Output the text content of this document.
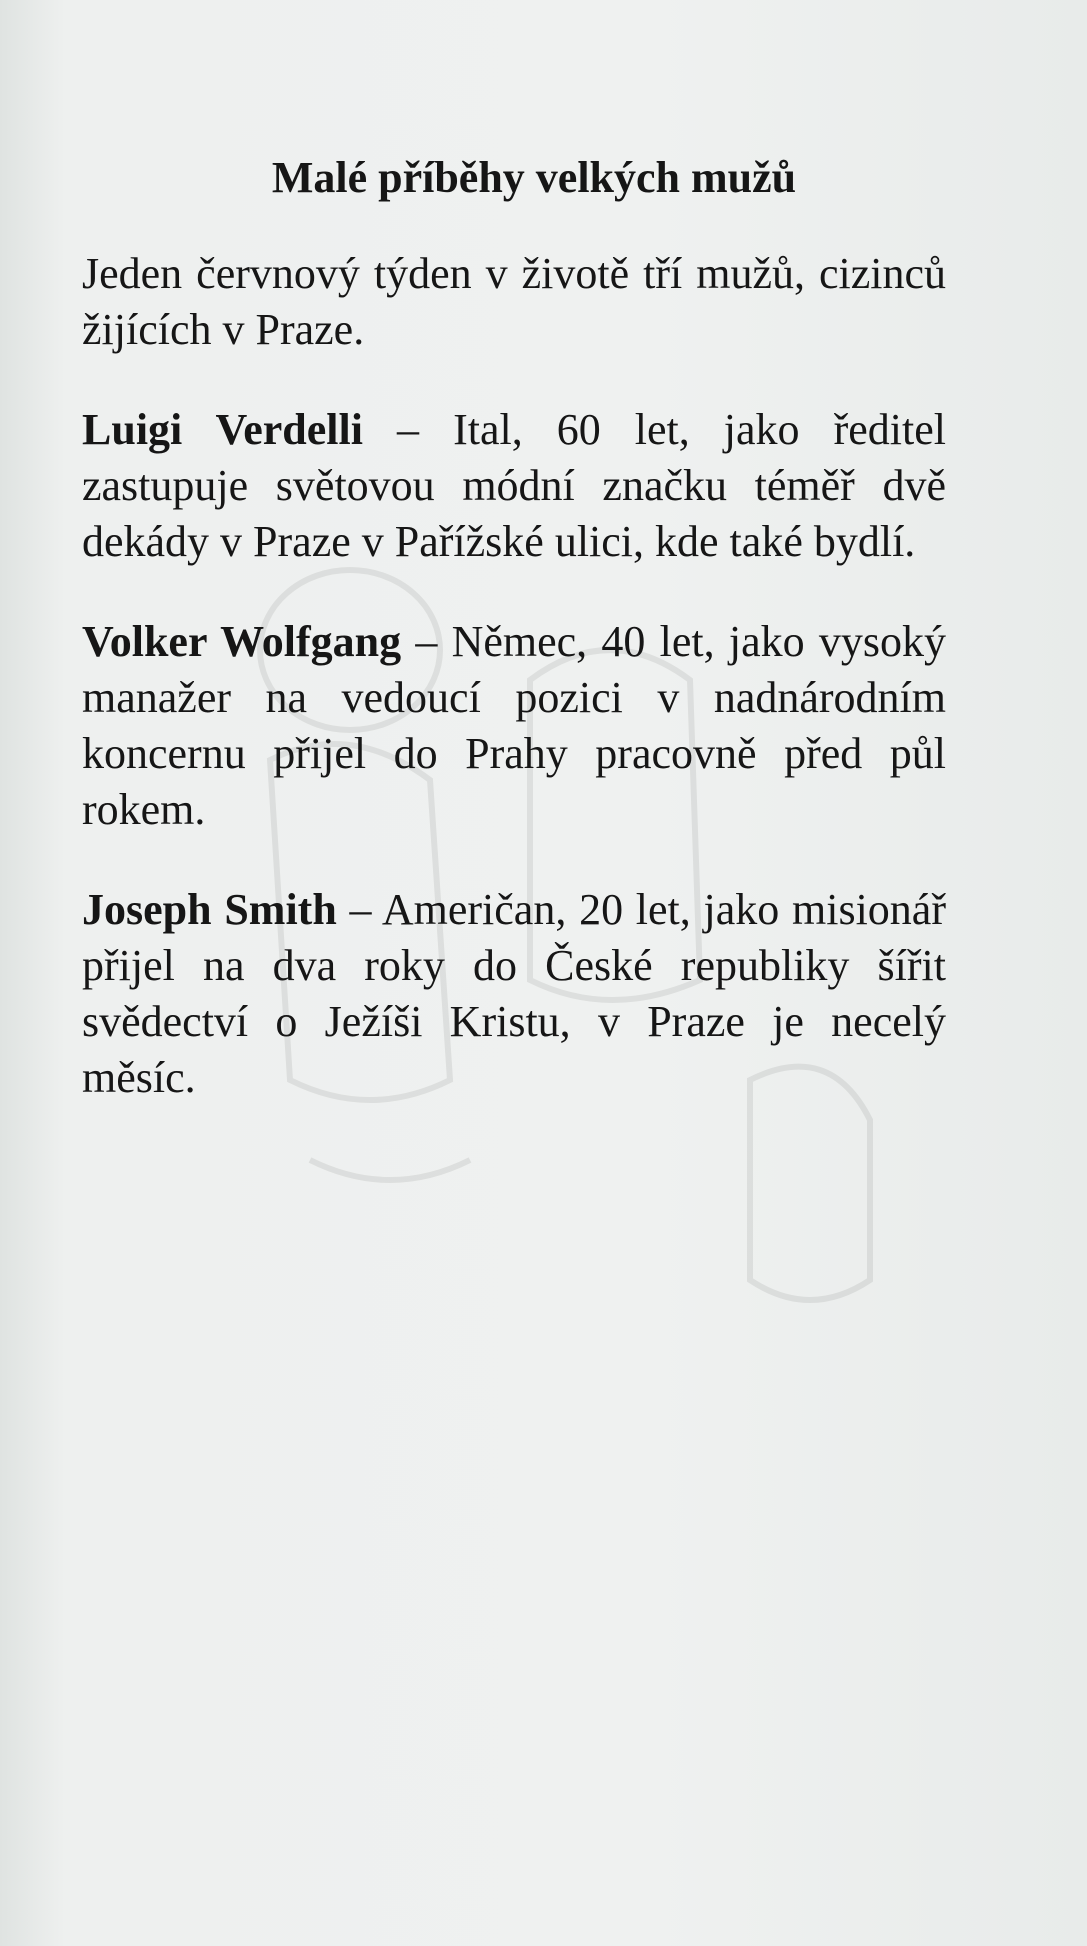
Malé příběhy velkých mužů

Jeden červnový týden v životě tří mužů, cizinců žijících v Praze.

Luigi Verdelli – Ital, 60 let, jako ředitel zastupuje světovou módní značku téměř dvě dekády v Praze v Pařížské ulici, kde také bydlí.

Volker Wolfgang – Němec, 40 let, jako vysoký manažer na vedoucí pozici v nadnárodním koncernu přijel do Prahy pracovně před půl rokem.

Joseph Smith – Američan, 20 let, jako misionář přijel na dva roky do České republiky šířit svědectví o Ježíši Kristu, v Praze je necelý měsíc.
